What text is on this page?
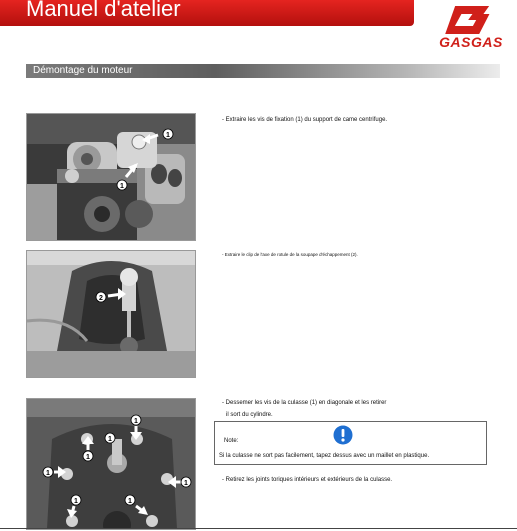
Manuel d'atelier
GASGAS
Démontage du moteur
1
1
- Extraire les vis de fixation (1) du support de came centrifuge.
2
- Extraire le clip de l'axe de rotule de la soupape d'échappement (2).
1
1
1
1
1	1
1
- Dessemer les vis de la culasse (1) en diagonale et les retirer
il sort du cylindre.
Note:
Si la culasse ne sort pas facilement, tapez dessus avec un maillet en plastique.
- Retirez les joints toriques intérieurs et extérieurs de la culasse.
